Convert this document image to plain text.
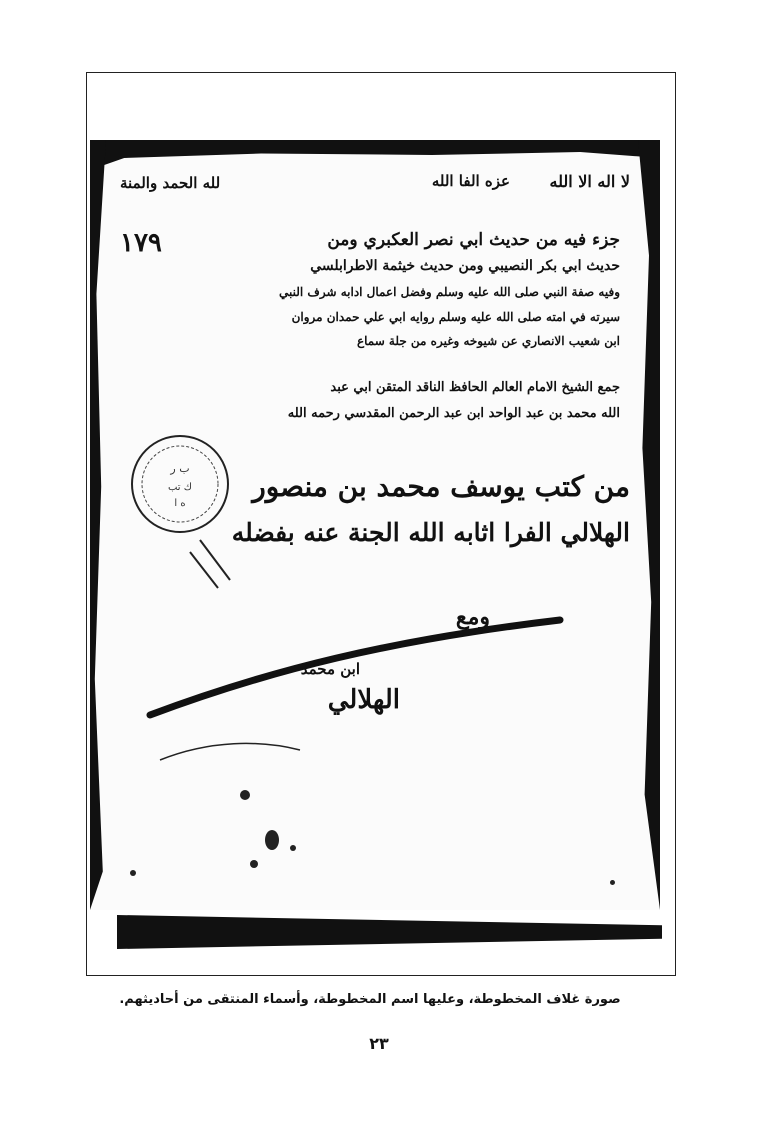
لا اله الا الله
عزه الفا الله
لله الحمد والمنة
١٧٩	جزء فيه من حديث ابي نصر العكبري ومن
حديث ابي بكر النصيبي ومن حديث خيثمة الاطرابلسي
وفيه صفة النبي صلى الله عليه وسلم وفضل اعمال ادابه شرف النبي
سيرته في امته صلى الله عليه وسلم روايه ابي علي حمدان مروان
ابن شعيب الانصاري عن شيوخه وغيره من جلة سماع
جمع الشيخ الامام العالم الحافظ الناقد المتقن ابي عبد
الله محمد بن عبد الواحد ابن عبد الرحمن المقدسي رحمه الله
من كتب يوسف محمد بن منصور
الهلالي الفرا اثابه الله الجنة عنه بفضله
ومع
ابن محمد
الهلالي
ب ر
ك تب
ه ا
صورة غلاف المخطوطة، وعليها اسم المخطوطة، وأسماء المنتقى من أحاديثهم.
٢٣
